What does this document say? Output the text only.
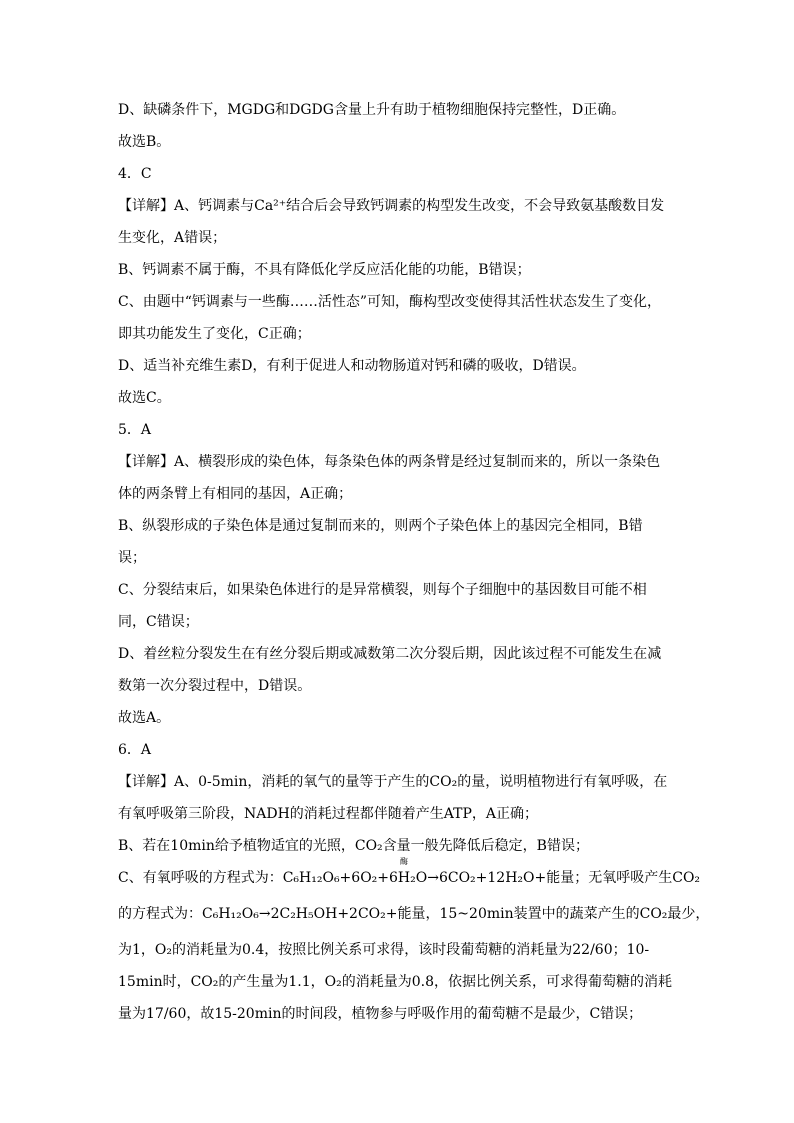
D、缺磷条件下，MGDG和DGDG含量上升有助于植物细胞保持完整性，D正确。
故选B。
4．C
【详解】A、钙调素与Ca²⁺结合后会导致钙调素的构型发生改变，不会导致氨基酸数目发
生变化，A错误；
B、钙调素不属于酶，不具有降低化学反应活化能的功能，B错误；
C、由题中“钙调素与一些酶……活性态”可知，酶构型改变使得其活性状态发生了变化，
即其功能发生了变化，C正确；
D、适当补充维生素D，有利于促进人和动物肠道对钙和磷的吸收，D错误。
故选C。
5．A
【详解】A、横裂形成的染色体，每条染色体的两条臂是经过复制而来的，所以一条染色
体的两条臂上有相同的基因，A正确；
B、纵裂形成的子染色体是通过复制而来的，则两个子染色体上的基因完全相同，B错
误；
C、分裂结束后，如果染色体进行的是异常横裂，则每个子细胞中的基因数目可能不相
同，C错误；
D、着丝粒分裂发生在有丝分裂后期或减数第二次分裂后期，因此该过程不可能发生在减
数第一次分裂过程中，D错误。
故选A。
6．A
【详解】A、0-5min，消耗的氧气的量等于产生的CO₂的量，说明植物进行有氧呼吸，在
有氧呼吸第三阶段，NADH的消耗过程都伴随着产生ATP，A正确；
B、若在10min给予植物适宜的光照，CO₂含量一般先降低后稳定，B错误；
C、有氧呼吸的方程式为：C₆H₁₂O₆+6O₂+6H₂O→6CO₂+12H₂O+能量；无氧呼吸产生CO₂
的方程式为：C₆H₁₂O₆→2C₂H₅OH+2CO₂+能量，15~20min装置中的蔬菜产生的CO₂最少，
为1，O₂的消耗量为0.4，按照比例关系可求得，该时段葡萄糖的消耗量为22/60；10-
15min时，CO₂的产生量为1.1，O₂的消耗量为0.8，依据比例关系，可求得葡萄糖的消耗
量为17/60，故15-20min的时间段，植物参与呼吸作用的葡萄糖不是最少，C错误；
酶
